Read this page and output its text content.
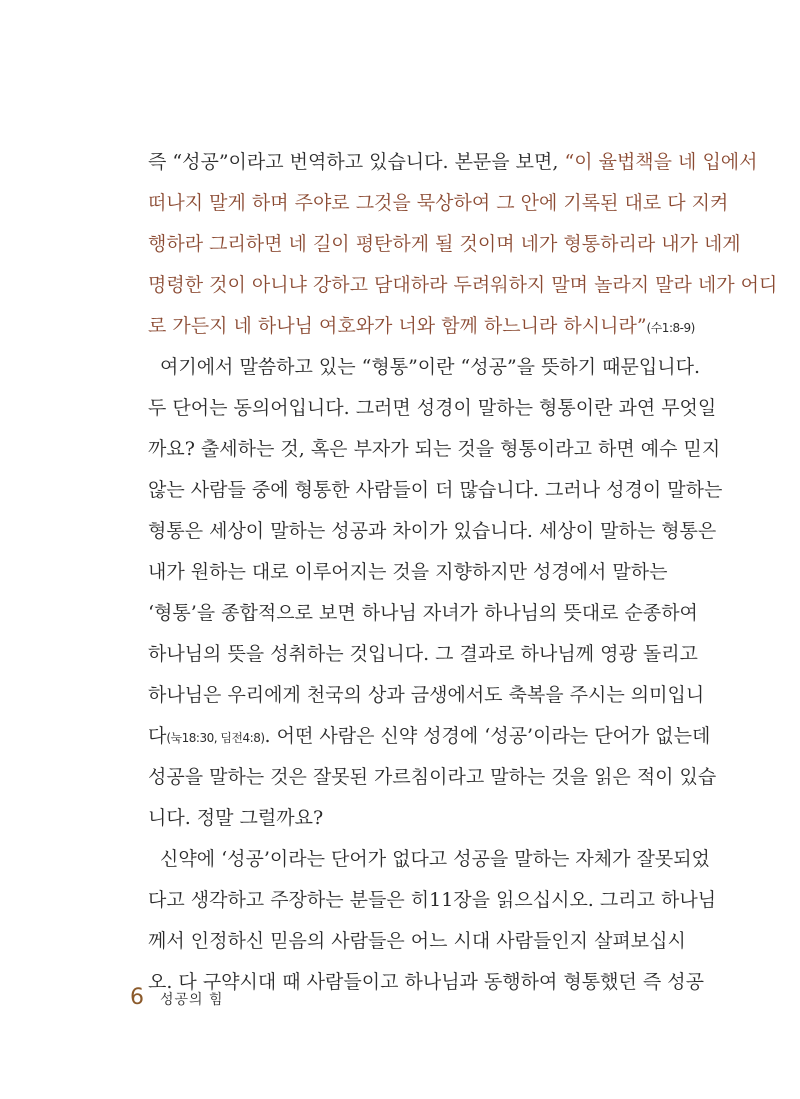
즉 “성공”이라고 번역하고 있습니다. 본문을 보면, “이 율법책을 네 입에서
떠나지 말게 하며 주야로 그것을 묵상하여 그 안에 기록된 대로 다 지켜
행하라 그리하면 네 길이 평탄하게 될 것이며 네가 형통하리라 내가 네게
명령한 것이 아니냐 강하고 담대하라 두려워하지 말며 놀라지 말라 네가 어디
로 가든지 네 하나님 여호와가 너와 함께 하느니라 하시니라”(수1:8-9)
여기에서 말씀하고 있는 “형통”이란 “성공”을 뜻하기 때문입니다.
두 단어는 동의어입니다. 그러면 성경이 말하는 형통이란 과연 무엇일
까요? 출세하는 것, 혹은 부자가 되는 것을 형통이라고 하면 예수 믿지
않는 사람들 중에 형통한 사람들이 더 많습니다. 그러나 성경이 말하는
형통은 세상이 말하는 성공과 차이가 있습니다. 세상이 말하는 형통은
내가 원하는 대로 이루어지는 것을 지향하지만 성경에서 말하는
‘형통’을 종합적으로 보면 하나님 자녀가 하나님의 뜻대로 순종하여
하나님의 뜻을 성취하는 것입니다. 그 결과로 하나님께 영광 돌리고
하나님은 우리에게 천국의 상과 금생에서도 축복을 주시는 의미입니
다(눅18:30, 딤전4:8). 어떤 사람은 신약 성경에 ‘성공’이라는 단어가 없는데
성공을 말하는 것은 잘못된 가르침이라고 말하는 것을 읽은 적이 있습
니다. 정말 그럴까요?
신약에 ‘성공’이라는 단어가 없다고 성공을 말하는 자체가 잘못되었
다고 생각하고 주장하는 분들은 히11장을 읽으십시오. 그리고 하나님
께서 인정하신 믿음의 사람들은 어느 시대 사람들인지 살펴보십시
오. 다 구약시대 때 사람들이고 하나님과 동행하여 형통했던 즉 성공
6 성공의 힘
